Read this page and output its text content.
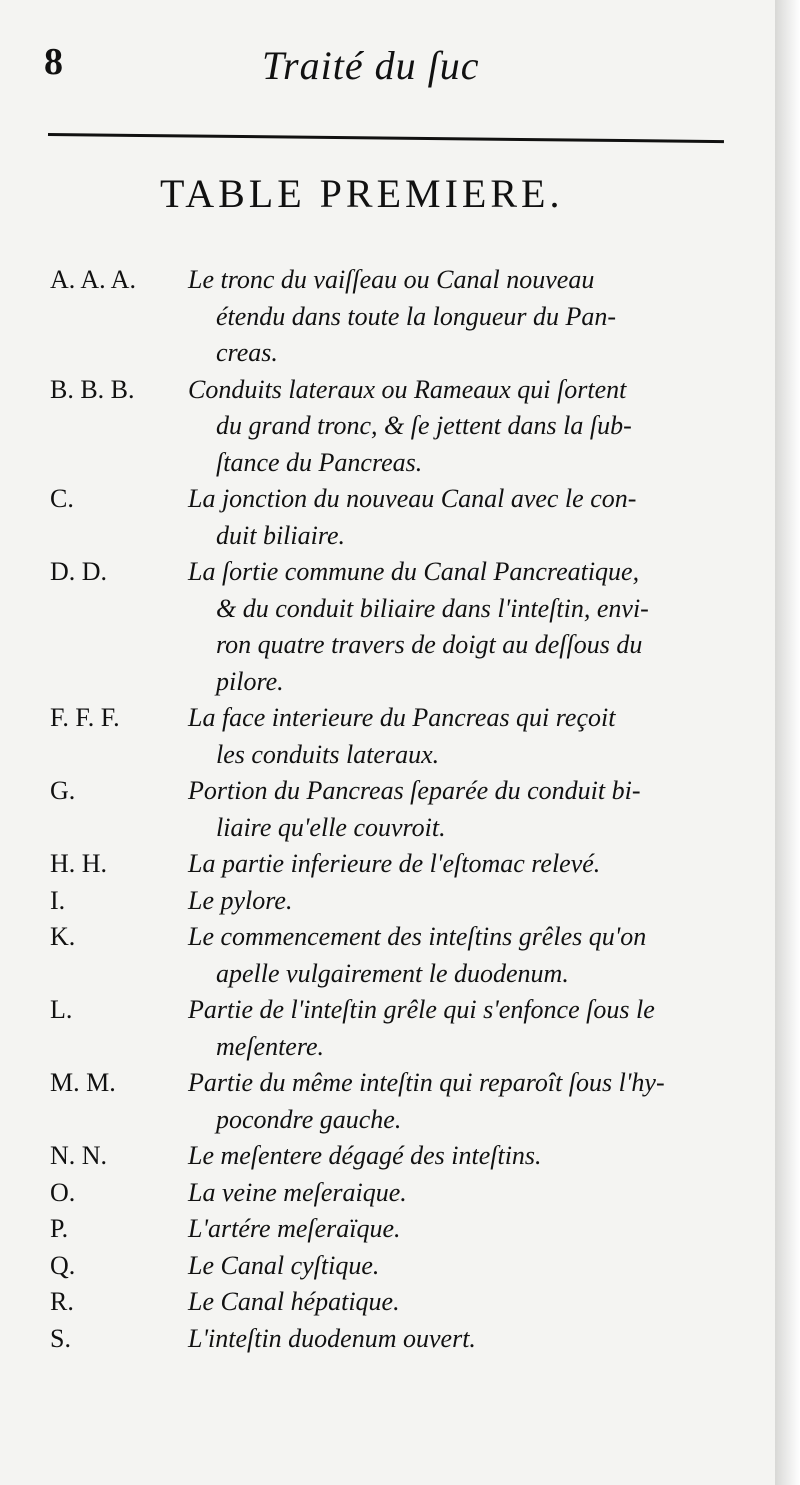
8	Traité du ſuc
TABLE PREMIERE.
A. A. A.	Le tronc du vaiſſeau ou Canal nouveau
étendu dans toute la longueur du Pan-
creas.
B. B. B.	Conduits lateraux ou Rameaux qui ſortent
du grand tronc, & ſe jettent dans la ſub-
ſtance du Pancreas.
C.	La jonction du nouveau Canal avec le con-
duit biliaire.
D. D.	La ſortie commune du Canal Pancreatique,
& du conduit biliaire dans l'inteſtin, envi-
ron quatre travers de doigt au deſſous du
pilore.
F. F. F.	La face interieure du Pancreas qui reçoit
les conduits lateraux.
G.	Portion du Pancreas ſeparée du conduit bi-
liaire qu'elle couvroit.
H. H.	La partie inferieure de l'eſtomac relevé.
I.	Le pylore.
K.	Le commencement des inteſtins grêles qu'on
apelle vulgairement le duodenum.
L.	Partie de l'inteſtin grêle qui s'enfonce ſous le
meſentere.
M. M.	Partie du même inteſtin qui reparoît ſous l'hy-
pocondre gauche.
N. N.	Le meſentere dégagé des inteſtins.
O.	La veine meſeraique.
P.	L'artére meſeraïque.
Q.	Le Canal cyſtique.
R.	Le Canal hépatique.
S.	L'inteſtin duodenum ouvert.
